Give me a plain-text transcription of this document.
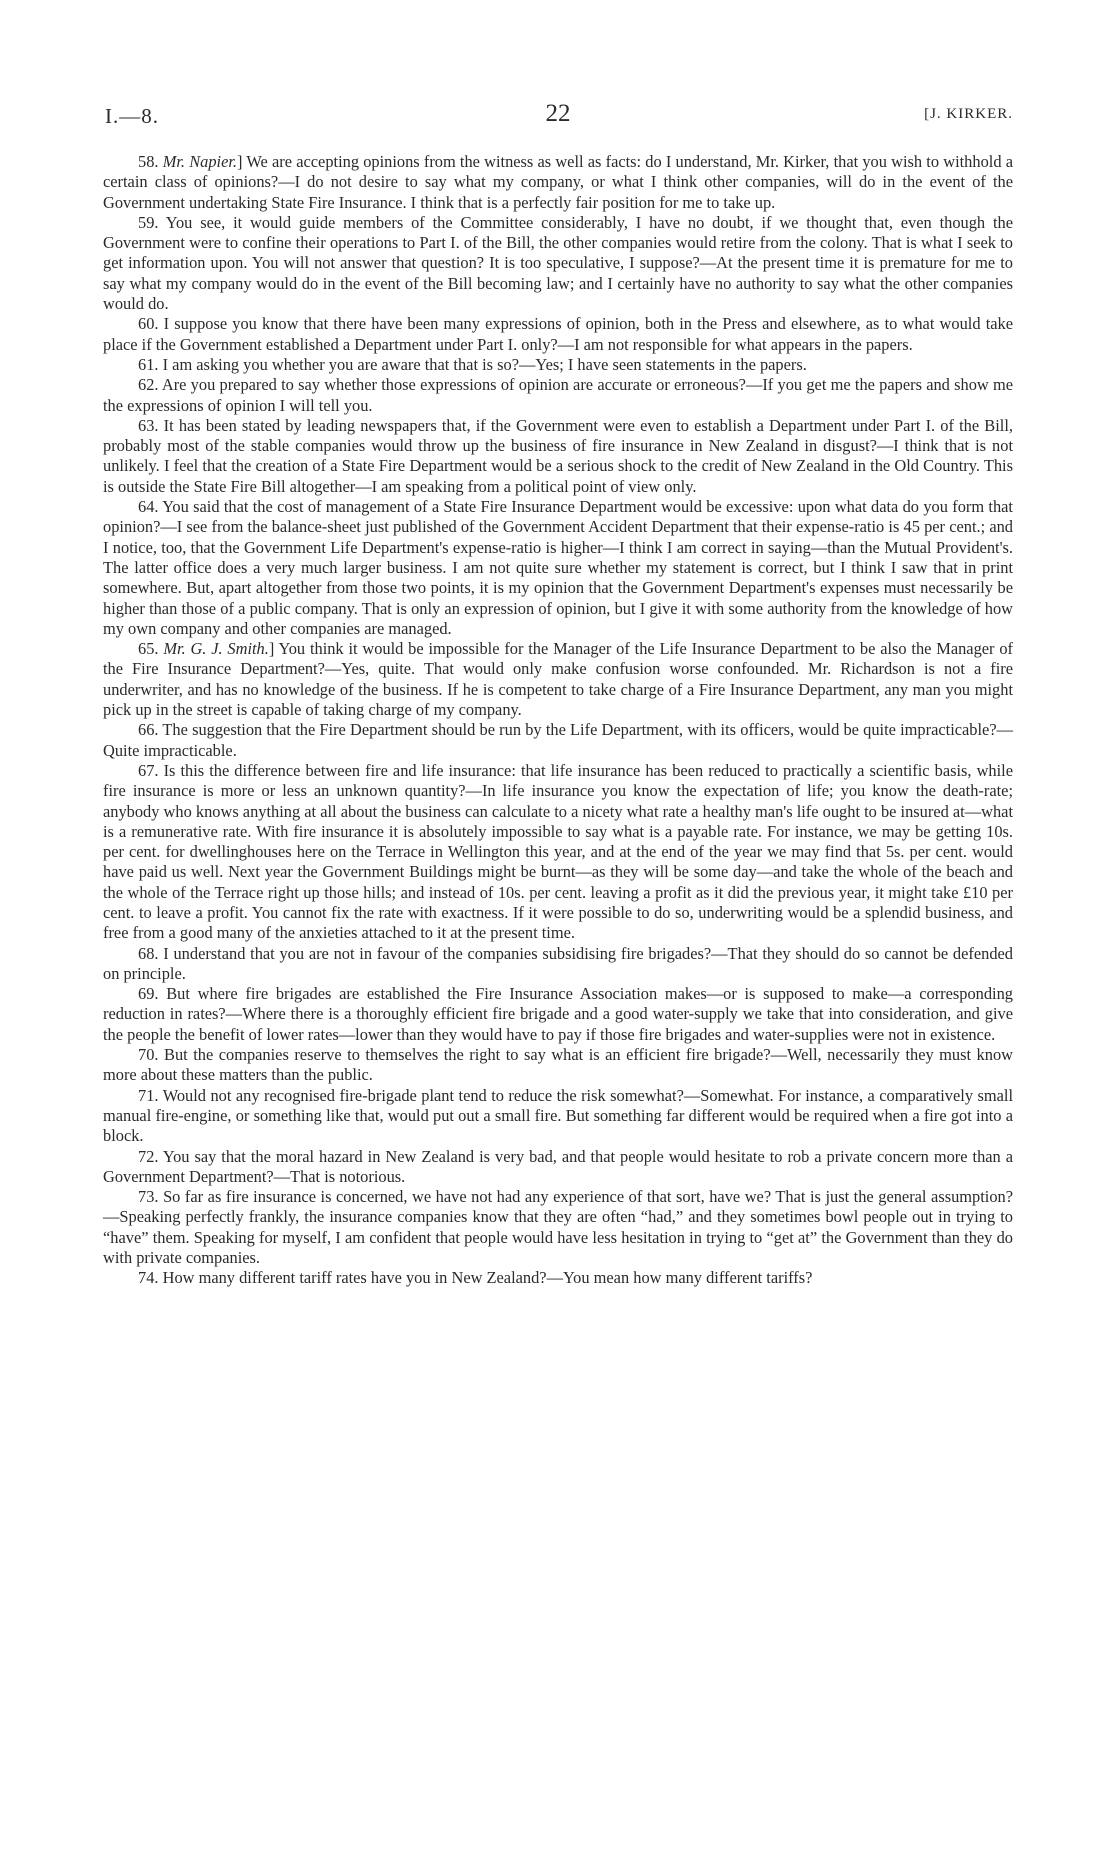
I.—8.	22	[J. KIRKER.

58. Mr. Napier.] We are accepting opinions from the witness as well as facts: do I understand, Mr. Kirker, that you wish to withhold a certain class of opinions?—I do not desire to say what my company, or what I think other companies, will do in the event of the Government undertaking State Fire Insurance. I think that is a perfectly fair position for me to take up.

59. You see, it would guide members of the Committee considerably, I have no doubt, if we thought that, even though the Government were to confine their operations to Part I. of the Bill, the other companies would retire from the colony. That is what I seek to get information upon. You will not answer that question? It is too speculative, I suppose?—At the present time it is premature for me to say what my company would do in the event of the Bill becoming law; and I certainly have no authority to say what the other companies would do.

60. I suppose you know that there have been many expressions of opinion, both in the Press and elsewhere, as to what would take place if the Government established a Department under Part I. only?—I am not responsible for what appears in the papers.

61. I am asking you whether you are aware that that is so?—Yes; I have seen statements in the papers.

62. Are you prepared to say whether those expressions of opinion are accurate or erroneous?—If you get me the papers and show me the expressions of opinion I will tell you.

63. It has been stated by leading newspapers that, if the Government were even to establish a Department under Part I. of the Bill, probably most of the stable companies would throw up the business of fire insurance in New Zealand in disgust?—I think that is not unlikely. I feel that the creation of a State Fire Department would be a serious shock to the credit of New Zealand in the Old Country. This is outside the State Fire Bill altogether—I am speaking from a political point of view only.

64. You said that the cost of management of a State Fire Insurance Department would be excessive: upon what data do you form that opinion?—I see from the balance-sheet just published of the Government Accident Department that their expense-ratio is 45 per cent.; and I notice, too, that the Government Life Department's expense-ratio is higher—I think I am correct in saying—than the Mutual Provident's. The latter office does a very much larger business. I am not quite sure whether my statement is correct, but I think I saw that in print somewhere. But, apart altogether from those two points, it is my opinion that the Government Department's expenses must necessarily be higher than those of a public company. That is only an expression of opinion, but I give it with some authority from the knowledge of how my own company and other companies are managed.

65. Mr. G. J. Smith.] You think it would be impossible for the Manager of the Life Insurance Department to be also the Manager of the Fire Insurance Department?—Yes, quite. That would only make confusion worse confounded. Mr. Richardson is not a fire underwriter, and has no knowledge of the business. If he is competent to take charge of a Fire Insurance Department, any man you might pick up in the street is capable of taking charge of my company.

66. The suggestion that the Fire Department should be run by the Life Department, with its officers, would be quite impracticable?—Quite impracticable.

67. Is this the difference between fire and life insurance: that life insurance has been reduced to practically a scientific basis, while fire insurance is more or less an unknown quantity?—In life insurance you know the expectation of life; you know the death-rate; anybody who knows anything at all about the business can calculate to a nicety what rate a healthy man's life ought to be insured at—what is a remunerative rate. With fire insurance it is absolutely impossible to say what is a payable rate. For instance, we may be getting 10s. per cent. for dwellinghouses here on the Terrace in Wellington this year, and at the end of the year we may find that 5s. per cent. would have paid us well. Next year the Government Buildings might be burnt—as they will be some day—and take the whole of the beach and the whole of the Terrace right up those hills; and instead of 10s. per cent. leaving a profit as it did the previous year, it might take £10 per cent. to leave a profit. You cannot fix the rate with exactness. If it were possible to do so, underwriting would be a splendid business, and free from a good many of the anxieties attached to it at the present time.

68. I understand that you are not in favour of the companies subsidising fire brigades?—That they should do so cannot be defended on principle.

69. But where fire brigades are established the Fire Insurance Association makes—or is supposed to make—a corresponding reduction in rates?—Where there is a thoroughly efficient fire brigade and a good water-supply we take that into consideration, and give the people the benefit of lower rates—lower than they would have to pay if those fire brigades and water-supplies were not in existence.

70. But the companies reserve to themselves the right to say what is an efficient fire brigade?—Well, necessarily they must know more about these matters than the public.

71. Would not any recognised fire-brigade plant tend to reduce the risk somewhat?—Somewhat. For instance, a comparatively small manual fire-engine, or something like that, would put out a small fire. But something far different would be required when a fire got into a block.

72. You say that the moral hazard in New Zealand is very bad, and that people would hesitate to rob a private concern more than a Government Department?—That is notorious.

73. So far as fire insurance is concerned, we have not had any experience of that sort, have we? That is just the general assumption?—Speaking perfectly frankly, the insurance companies know that they are often “had,” and they sometimes bowl people out in trying to “have” them. Speaking for myself, I am confident that people would have less hesitation in trying to “get at” the Government than they do with private companies.

74. How many different tariff rates have you in New Zealand?—You mean how many different tariffs?
